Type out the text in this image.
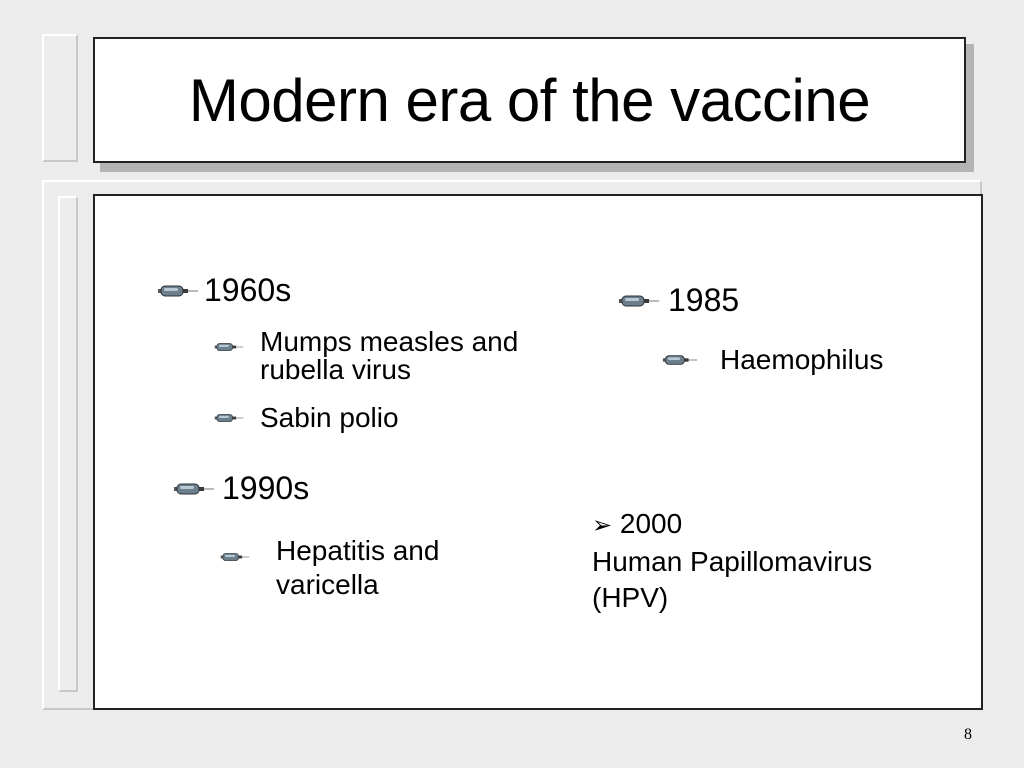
Modern era of the vaccine
1960s
Mumps measles and rubella virus
Sabin polio
1990s
Hepatitis and varicella
1985
Haemophilus
➢ 2000
Human Papillomavirus
(HPV)
8
